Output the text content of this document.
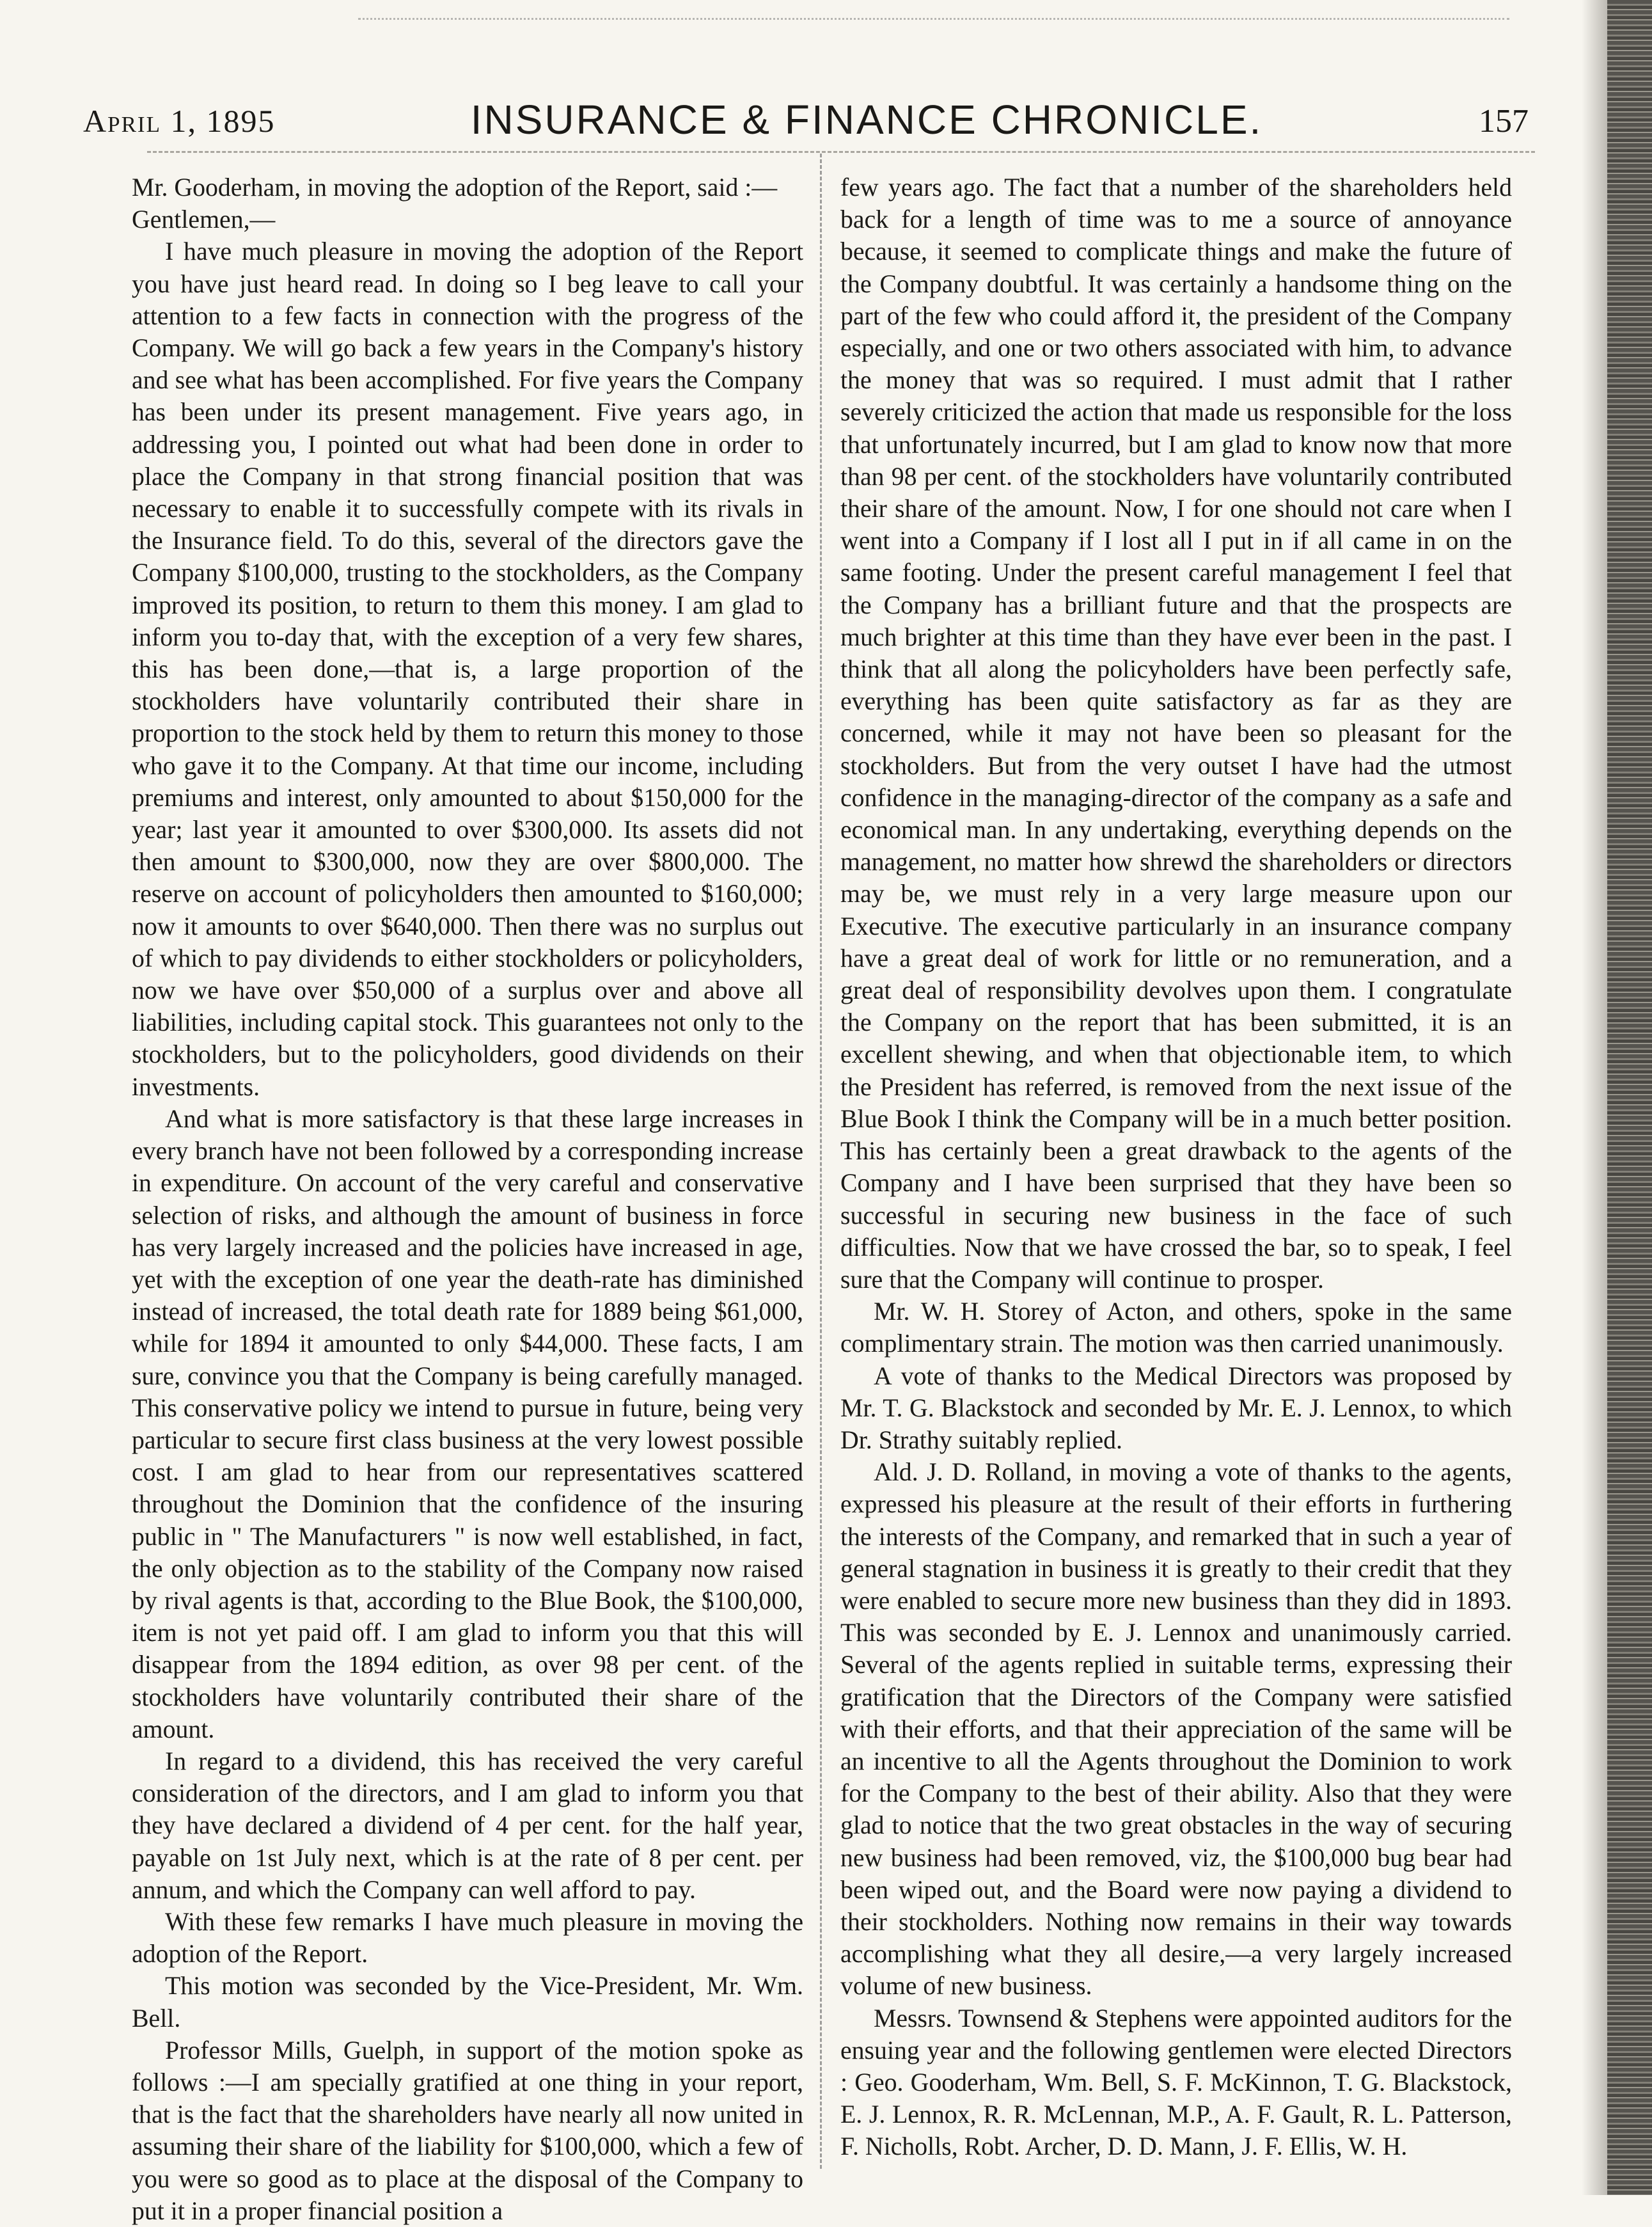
April 1, 1895	INSURANCE & FINANCE CHRONICLE.	157

Mr. Gooderham, in moving the adoption of the Report, said :—

Gentlemen,—

I have much pleasure in moving the adoption of the Report you have just heard read. In doing so I beg leave to call your attention to a few facts in connection with the progress of the Company. We will go back a few years in the Company's history and see what has been accomplished. For five years the Company has been under its present management. Five years ago, in addressing you, I pointed out what had been done in order to place the Company in that strong financial position that was necessary to enable it to successfully compete with its rivals in the Insurance field. To do this, several of the directors gave the Company $100,000, trusting to the stockholders, as the Company improved its position, to return to them this money. I am glad to inform you to-day that, with the exception of a very few shares, this has been done,—that is, a large proportion of the stockholders have voluntarily contributed their share in proportion to the stock held by them to return this money to those who gave it to the Company. At that time our income, including premiums and interest, only amounted to about $150,000 for the year; last year it amounted to over $300,000. Its assets did not then amount to $300,000, now they are over $800,000. The reserve on account of policyholders then amounted to $160,000; now it amounts to over $640,000. Then there was no surplus out of which to pay dividends to either stockholders or policyholders, now we have over $50,000 of a surplus over and above all liabilities, including capital stock. This guarantees not only to the stockholders, but to the policyholders, good dividends on their investments.

And what is more satisfactory is that these large increases in every branch have not been followed by a corresponding increase in expenditure. On account of the very careful and conservative selection of risks, and although the amount of business in force has very largely increased and the policies have increased in age, yet with the exception of one year the death-rate has diminished instead of increased, the total death rate for 1889 being $61,000, while for 1894 it amounted to only $44,000. These facts, I am sure, convince you that the Company is being carefully managed. This conservative policy we intend to pursue in future, being very particular to secure first class business at the very lowest possible cost. I am glad to hear from our representatives scattered throughout the Dominion that the confidence of the insuring public in " The Manufacturers " is now well established, in fact, the only objection as to the stability of the Company now raised by rival agents is that, according to the Blue Book, the $100,000, item is not yet paid off. I am glad to inform you that this will disappear from the 1894 edition, as over 98 per cent. of the stockholders have voluntarily contributed their share of the amount.

In regard to a dividend, this has received the very careful consideration of the directors, and I am glad to inform you that they have declared a dividend of 4 per cent. for the half year, payable on 1st July next, which is at the rate of 8 per cent. per annum, and which the Company can well afford to pay.

With these few remarks I have much pleasure in moving the adoption of the Report.

This motion was seconded by the Vice-President, Mr. Wm. Bell.

Professor Mills, Guelph, in support of the motion spoke as follows :—I am specially gratified at one thing in your report, that is the fact that the shareholders have nearly all now united in assuming their share of the liability for $100,000, which a few of you were so good as to place at the disposal of the Company to put it in a proper financial position a

few years ago. The fact that a number of the shareholders held back for a length of time was to me a source of annoyance because, it seemed to complicate things and make the future of the Company doubtful. It was certainly a handsome thing on the part of the few who could afford it, the president of the Company especially, and one or two others associated with him, to advance the money that was so required. I must admit that I rather severely criticized the action that made us responsible for the loss that unfortunately incurred, but I am glad to know now that more than 98 per cent. of the stockholders have voluntarily contributed their share of the amount. Now, I for one should not care when I went into a Company if I lost all I put in if all came in on the same footing. Under the present careful management I feel that the Company has a brilliant future and that the prospects are much brighter at this time than they have ever been in the past. I think that all along the policyholders have been perfectly safe, everything has been quite satisfactory as far as they are concerned, while it may not have been so pleasant for the stockholders. But from the very outset I have had the utmost confidence in the managing-director of the company as a safe and economical man. In any undertaking, everything depends on the management, no matter how shrewd the shareholders or directors may be, we must rely in a very large measure upon our Executive. The executive particularly in an insurance company have a great deal of work for little or no remuneration, and a great deal of responsibility devolves upon them. I congratulate the Company on the report that has been submitted, it is an excellent shewing, and when that objectionable item, to which the President has referred, is removed from the next issue of the Blue Book I think the Company will be in a much better position. This has certainly been a great drawback to the agents of the Company and I have been surprised that they have been so successful in securing new business in the face of such difficulties. Now that we have crossed the bar, so to speak, I feel sure that the Company will continue to prosper.

Mr. W. H. Storey of Acton, and others, spoke in the same complimentary strain. The motion was then carried unanimously.

A vote of thanks to the Medical Directors was proposed by Mr. T. G. Blackstock and seconded by Mr. E. J. Lennox, to which Dr. Strathy suitably replied.

Ald. J. D. Rolland, in moving a vote of thanks to the agents, expressed his pleasure at the result of their efforts in furthering the interests of the Company, and remarked that in such a year of general stagnation in business it is greatly to their credit that they were enabled to secure more new business than they did in 1893. This was seconded by E. J. Lennox and unanimously carried. Several of the agents replied in suitable terms, expressing their gratification that the Directors of the Company were satisfied with their efforts, and that their appreciation of the same will be an incentive to all the Agents throughout the Dominion to work for the Company to the best of their ability. Also that they were glad to notice that the two great obstacles in the way of securing new business had been removed, viz, the $100,000 bug bear had been wiped out, and the Board were now paying a dividend to their stockholders. Nothing now remains in their way towards accomplishing what they all desire,—a very largely increased volume of new business.

Messrs. Townsend & Stephens were appointed auditors for the ensuing year and the following gentlemen were elected Directors : Geo. Gooderham, Wm. Bell, S. F. McKinnon, T. G. Blackstock, E. J. Lennox, R. R. McLennan, M.P., A. F. Gault, R. L. Patterson, F. Nicholls, Robt. Archer, D. D. Mann, J. F. Ellis, W. H.
